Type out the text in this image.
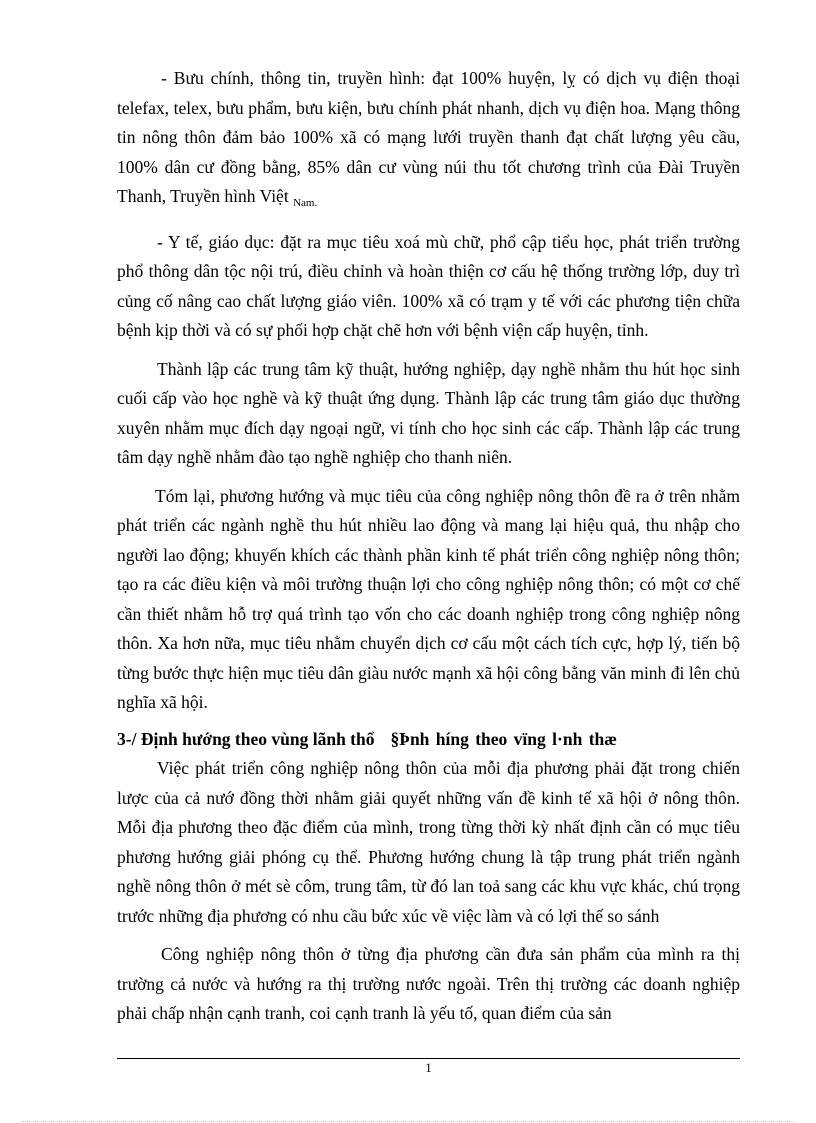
- Bưu chính, thông tin, truyền hình: đạt 100% huyện, lỵ có dịch vụ điện thoại telefax, telex, bưu phẩm, bưu kiện, bưu chính phát nhanh, dịch vụ điện hoa. Mạng thông tin nông thôn đảm bảo 100% xã có mạng lưới truyền thanh đạt chất lượng yêu cầu, 100% dân cư đồng bằng, 85% dân cư vùng núi thu tốt chương trình của Đài Truyền Thanh, Truyền hình Việt $_{Nam.}$

- Y tế, giáo dục: đặt ra mục tiêu xoá mù chữ, phổ cập tiểu học, phát triển trường phổ thông dân tộc nội trú, điều chỉnh và hoàn thiện cơ cấu hệ thống trường lớp, duy trì củng cố nâng cao chất lượng giáo viên. 100% xã có trạm y tế với các phương tiện chữa bệnh kịp thời và có sự phối hợp chặt chẽ hơn với bệnh viện cấp huyện, tỉnh.

Thành lập các trung tâm kỹ thuật, hướng nghiệp, dạy nghề nhằm thu hút học sinh cuối cấp vào học nghề và kỹ thuật ứng dụng. Thành lập các trung tâm giáo dục thường xuyên nhằm mục đích dạy ngoại ngữ, vi tính cho học sinh các cấp. Thành lập các trung tâm dạy nghề nhằm đào tạo nghề nghiệp cho thanh niên.

Tóm lại, phương hướng và mục tiêu của công nghiệp nông thôn đề ra ở trên nhằm phát triển các ngành nghề thu hút nhiều lao động và mang lại hiệu quả, thu nhập cho người lao động; khuyến khích các thành phần kinh tế phát triển công nghiệp nông thôn; tạo ra các điều kiện và môi trường thuận lợi cho công nghiệp nông thôn; có một cơ chế cần thiết nhằm hỗ trợ quá trình tạo vốn cho các doanh nghiệp trong công nghiệp nông thôn. Xa hơn nữa, mục tiêu nhằm chuyển dịch cơ cấu một cách tích cực, hợp lý, tiến bộ từng bước thực hiện mục tiêu dân giàu nước mạnh xã hội công bằng văn minh đi lên chủ nghĩa xã hội.

3-/ Định hướng theo vùng lãnh thổ §Þnh híng theo vïng l·nh thæ

Việc phát triển công nghiệp nông thôn của mỗi địa phương phải đặt trong chiến lược của cả nướ đồng thời nhằm giải quyết những vấn đề kinh tế xã hội ở nông thôn. Mỗi địa phương theo đặc điểm của mình, trong từng thời kỳ nhất định cần có mục tiêu phương hướng giải phóng cụ thể. Phương hướng chung là tập trung phát triển ngành nghề nông thôn ở mét sè côm, trung tâm, từ đó lan toả sang các khu vực khác, chú trọng trước những địa phương có nhu cầu bức xúc về việc làm và có lợi thế so sánh

Công nghiệp nông thôn ở từng địa phương cần đưa sản phẩm của mình ra thị trường cả nước và hướng ra thị trường nước ngoài. Trên thị trường các doanh nghiệp phải chấp nhận cạnh tranh, coi cạnh tranh là yếu tố, quan điểm của sản

1
